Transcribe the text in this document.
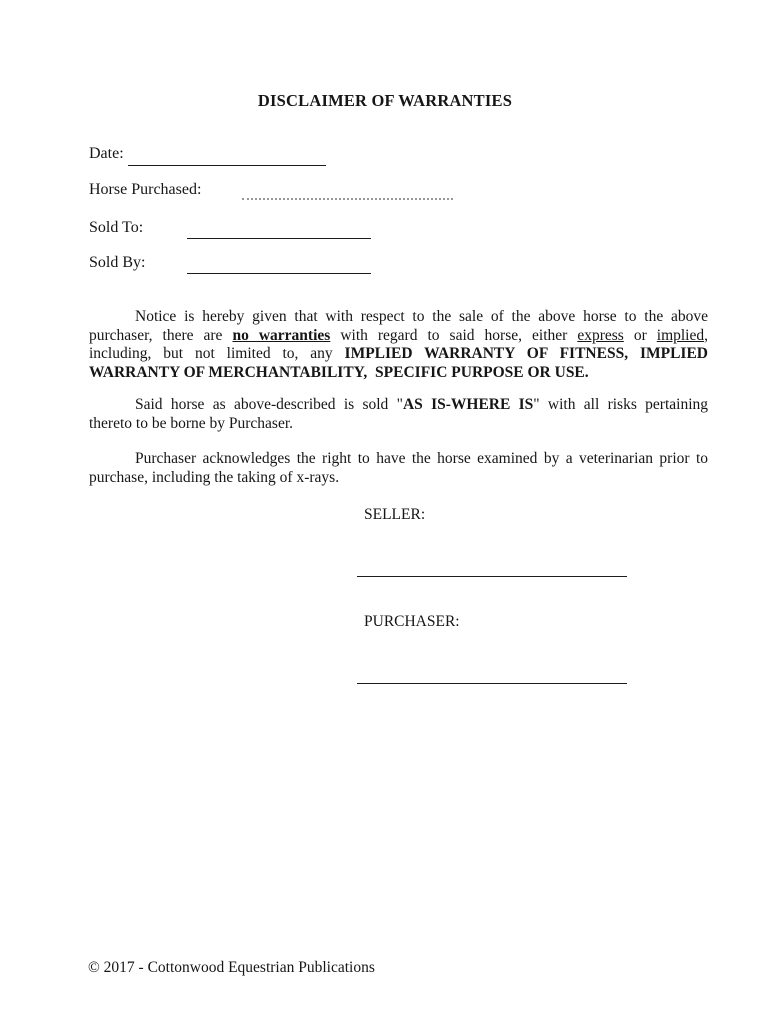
DISCLAIMER OF WARRANTIES
Date:
Horse Purchased:
Sold To:
Sold By:
Notice is hereby given that with respect to the sale of the above horse to the above
purchaser, there are no warranties with regard to said horse, either express or implied,
including, but not limited to, any IMPLIED WARRANTY OF FITNESS, IMPLIED
WARRANTY OF MERCHANTABILITY,  SPECIFIC PURPOSE OR USE.
Said horse as above-described is sold "AS IS-WHERE IS" with all risks pertaining
thereto to be borne by Purchaser.
Purchaser acknowledges the right to have the horse examined by a veterinarian prior to
purchase, including the taking of x-rays.
SELLER:
PURCHASER:
© 2017 - Cottonwood Equestrian Publications
